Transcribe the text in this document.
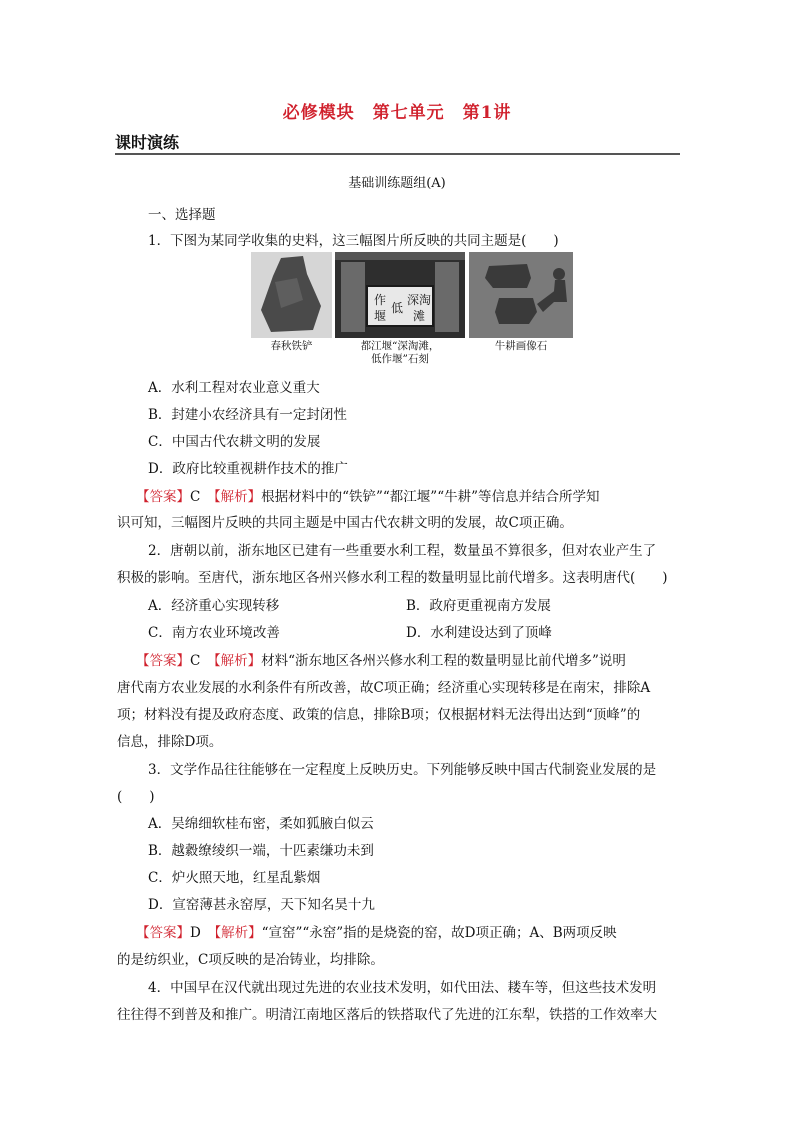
必修模块　第七单元　第1讲
课时演练
基础训练题组(A)
一、选择题
1．下图为某同学收集的史料，这三幅图片所反映的共同主题是(　　)
作
堰
深 淘
低
滩
春秋铁铲	都江堰“深淘滩，
低作堰”石刻
牛耕画像石
A．水利工程对农业意义重大
B．封建小农经济具有一定封闭性
C．中国古代农耕文明的发展
D．政府比较重视耕作技术的推广
【答案】C　【解析】根据材料中的“铁铲”“都江堰”“牛耕”等信息并结合所学知
识可知，三幅图片反映的共同主题是中国古代农耕文明的发展，故C项正确。
2．唐朝以前，浙东地区已建有一些重要水利工程，数量虽不算很多，但对农业产生了
积极的影响。至唐代，浙东地区各州兴修水利工程的数量明显比前代增多。这表明唐代(　　)
A．经济重心实现转移	B．政府更重视南方发展
C．南方农业环境改善	D．水利建设达到了顶峰
【答案】C　【解析】材料“浙东地区各州兴修水利工程的数量明显比前代增多”说明
唐代南方农业发展的水利条件有所改善，故C项正确；经济重心实现转移是在南宋，排除A
项；材料没有提及政府态度、政策的信息，排除B项；仅根据材料无法得出达到“顶峰”的
信息，排除D项。
3．文学作品往往能够在一定程度上反映历史。下列能够反映中国古代制瓷业发展的是
(　　)
A．吴绵细软桂布密，柔如狐腋白似云
B．越縠缭绫织一端，十匹素缣功未到
C．炉火照天地，红星乱紫烟
D．宣窑薄甚永窑厚，天下知名昊十九
【答案】D　【解析】“宣窑”“永窑”指的是烧瓷的窑，故D项正确；A、B两项反映
的是纺织业，C项反映的是冶铸业，均排除。
4．中国早在汉代就出现过先进的农业技术发明，如代田法、耧车等，但这些技术发明
往往得不到普及和推广。明清江南地区落后的铁搭取代了先进的江东犁，铁搭的工作效率大
